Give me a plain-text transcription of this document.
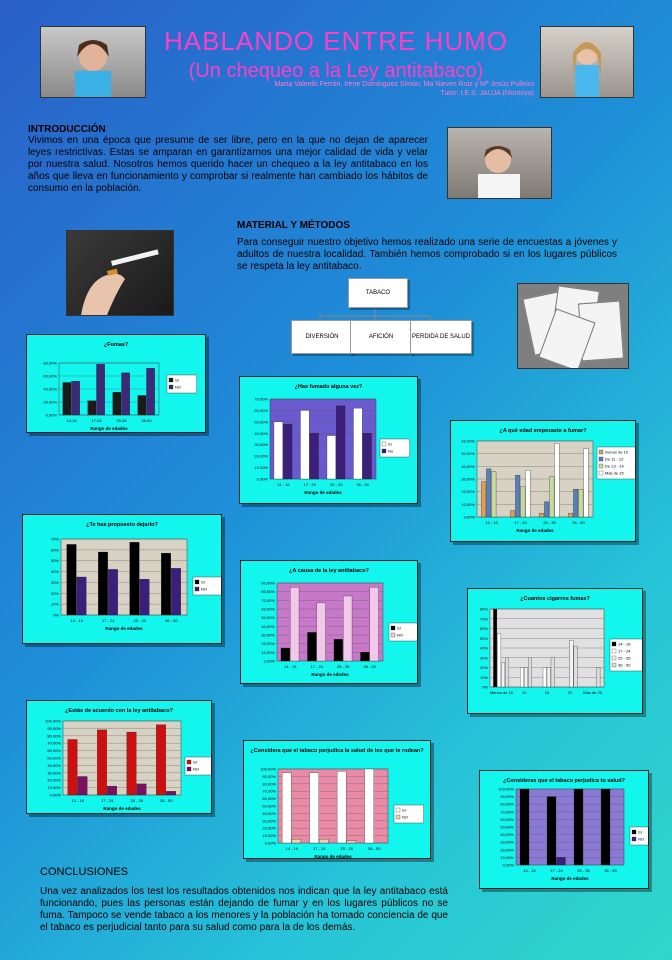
HABLANDO ENTRE HUMO
(Un chequeo a la Ley antitabaco)
Marta Valerdú Ferrón, Irene Domínguez Simón, Ma Nieves Ruiz y Mª Jesús Pulleiro
Tutor: I.E.S. JAUJA (Montoya)
INTRODUCCIÓN
Vivimos en una época que presume de ser libre, pero en la que no dejan de aparecer leyes restrictivas. Estas se amparan en garantizarnos una mejor calidad de vida y velar por nuestra salud. Nosotros hemos querido hacer un chequeo a la ley antitabaco en los años que lleva en funcionamiento y comprobar si realmente han cambiado los hábitos de consumo en la población.
MATERIAL Y MÉTODOS
Para conseguir nuestro objetivo hemos realizado una serie de encuestas a jóvenes y adultos de nuestra localidad. También hemos comprobado si en los lugares públicos se respeta la ley antitabaco.
TABACO
DIVERSIÓN	AFICIÓN	PERDIDA DE SALUD
¿Fumas?
0,00%
20,00%
40,00%
60,00%
80,00%
14-16	17-24	25-35	36-50
Rango de edades
SI
NO	¿Has fumado alguna vez?
0,00%
10,00%
20,00%
30,00%
40,00%
50,00%
60,00%
70,00%
14 - 16	17 - 24	25 - 35	36 - 50
Rango de edades
Sí
No
¿A qué edad empezaste a fumar?
0,00%
10,00%
20,00%
30,00%
40,00%
50,00%
60,00%
14 - 16	17 - 24	25 - 35	36 - 50
Rango de edades
menos de 10
De 11 - 12
De 13 - 14
Más de 15
¿Te has propuesto dejarlo?
0%
10%
20%
30%
40%
50%
60%
70%
14 - 16	17 - 24	25 - 35	36 - 50
Rango de edades
SI
NO
¿A causa de la ley antitabaco?
0,00%
10,00%
20,00%
30,00%
40,00%
50,00%
60,00%
70,00%
80,00%
90,00%
14 - 16	17 - 24	25 - 35	36 - 50
Rango de edades
SI
NO
¿Cuantos cigarros fumas?
0%
10%
20%
30%
40%
50%
60%
70%
80%
Menos de 10 10	15	20	Más de 20
14 - 16
17 - 24
25 - 35
36 - 50
¿Estás de acuerdo con la ley antitabaco?
0,00%
10,00%
20,00%
30,00%
40,00%
50,00%
60,00%
70,00%
80,00%
90,00%
100,00%
14 - 16	17 - 24	25 - 35	36 - 50
Rango de edades
SI
NO
¿Considera que el tabaco perjudica la salud de los que te rodean?
0,00%
10,00%
20,00%
30,00%
40,00%
50,00%
60,00%
70,00%
80,00%
90,00%
100,00%
14 - 16	17 - 24	25 - 35	36 - 50
Rango de edades
SI
NO
¿Consideras que el tabaco perjudica tu salud?
0,00%
10,00%
20,00%
30,00%
40,00%
50,00%
60,00%
70,00%
80,00%
90,00%
100,00%
14 - 16	17 - 24	25 - 35	36 - 50
Rango de edades
SI
NO
CONCLUSIONES
Una vez analizados los test los resultados obtenidos nos indican que la ley antitabaco está funcionando, pues las personas están dejando de fumar y en los lugares públicos no se fuma. Tampoco se vende tabaco a los menores y la población ha tomado conciencia de que el tabaco es perjudicial tanto para su salud como para la de los demás.
